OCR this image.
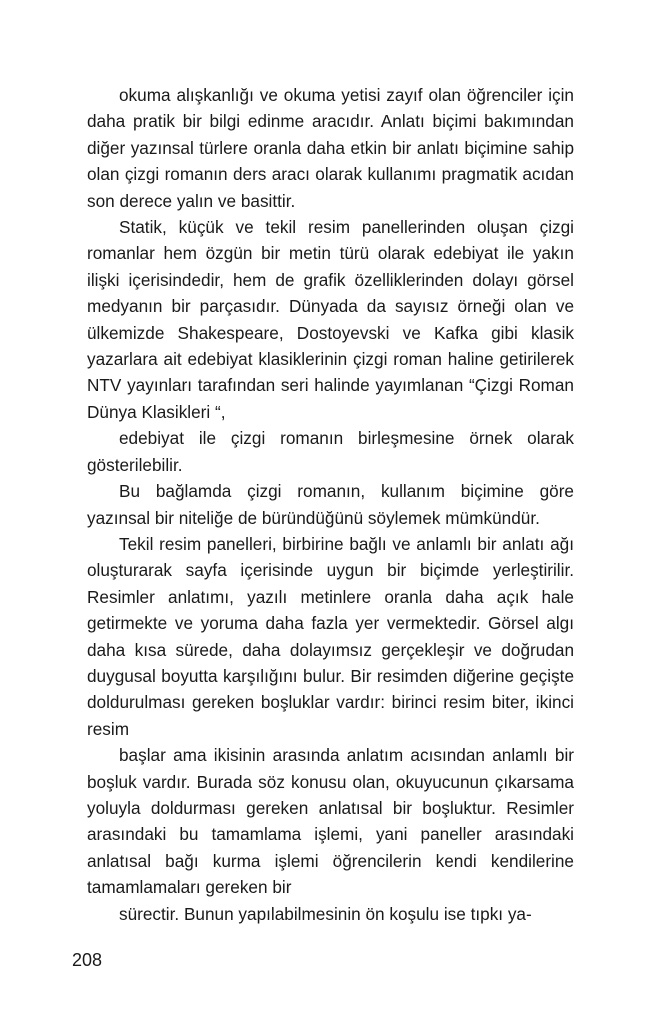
okuma alışkanlığı ve okuma yetisi zayıf olan öğrenciler için daha pratik bir bilgi edinme aracıdır. Anlatı biçimi bakımından diğer yazınsal türlere oranla daha etkin bir anlatı biçimine sahip olan çizgi romanın ders aracı olarak kullanımı pragmatik acıdan son derece yalın ve basittir.

Statik, küçük ve tekil resim panellerinden oluşan çizgi romanlar hem özgün bir metin türü olarak edebiyat ile yakın ilişki içerisindedir, hem de grafik özelliklerinden dolayı görsel medyanın bir parçasıdır. Dünyada da sayısız örneği olan ve ülkemizde Shakespeare, Dostoyevski ve Kafka gibi klasik yazarlara ait edebiyat klasiklerinin çizgi roman haline getirilerek NTV yayınları tarafından seri halinde yayımlanan “Çizgi Roman Dünya Klasikleri “,

edebiyat ile çizgi romanın birleşmesine örnek olarak gösterilebilir.

Bu bağlamda çizgi romanın, kullanım biçimine göre yazınsal bir niteliğe de büründüğünü söylemek mümkündür.

Tekil resim panelleri, birbirine bağlı ve anlamlı bir anlatı ağı oluşturarak sayfa içerisinde uygun bir biçimde yerleştirilir. Resimler anlatımı, yazılı metinlere oranla daha açık hale getirmekte ve yoruma daha fazla yer vermektedir. Görsel algı daha kısa sürede, daha dolayımsız gerçekleşir ve doğrudan duygusal boyutta karşılığını bulur. Bir resimden diğerine geçişte doldurulması gereken boşluklar vardır: birinci resim biter, ikinci resim

başlar ama ikisinin arasında anlatım acısından anlamlı bir boşluk vardır. Burada söz konusu olan, okuyucunun çıkarsama yoluyla doldurması gereken anlatısal bir boşluktur. Resimler arasındaki bu tamamlama işlemi, yani paneller arasındaki anlatısal bağı kurma işlemi öğrencilerin kendi kendilerine tamamlamaları gereken bir

sürectir. Bunun yapılabilmesinin ön koşulu ise tıpkı ya-

208
